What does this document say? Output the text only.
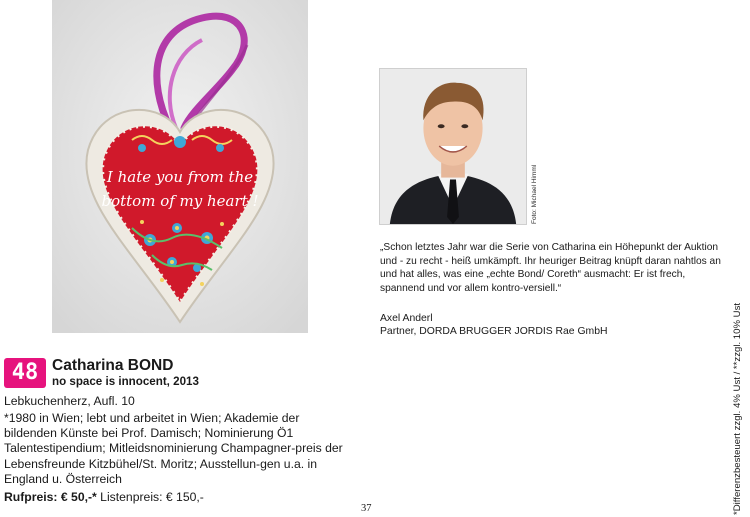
I hate you from the
bottom of my heart !	Foto: Michael Himml
„Schon letztes Jahr war die Serie von Catharina ein Höhepunkt der Auktion und - zu recht - heiß umkämpft. Ihr heuriger Beitrag knüpft daran nahtlos an und hat alles, was eine „echte Bond/ Coreth“ ausmacht: Er ist frech, spannend und vor allem kontro-versiell.“
Axel Anderl
Partner, DORDA BRUGGER JORDIS Rae GmbH	*Differenzbesteuert zzgl. 4% Ust / **zzgl. 10% Ust
48 Catharina BOND
no space is innocent, 2013
Lebkuchenherz, Aufl. 10
*1980 in Wien; lebt und arbeitet in Wien; Akademie der bildenden Künste bei Prof. Damisch; Nominierung Ö1 Talentestipendium; Mitleidsnominierung Champagner-preis der Lebensfreunde Kitzbühel/St. Moritz; Ausstellun-gen u.a. in England u. Österreich
Rufpreis: € 50,-* Listenpreis: € 150,-
37
